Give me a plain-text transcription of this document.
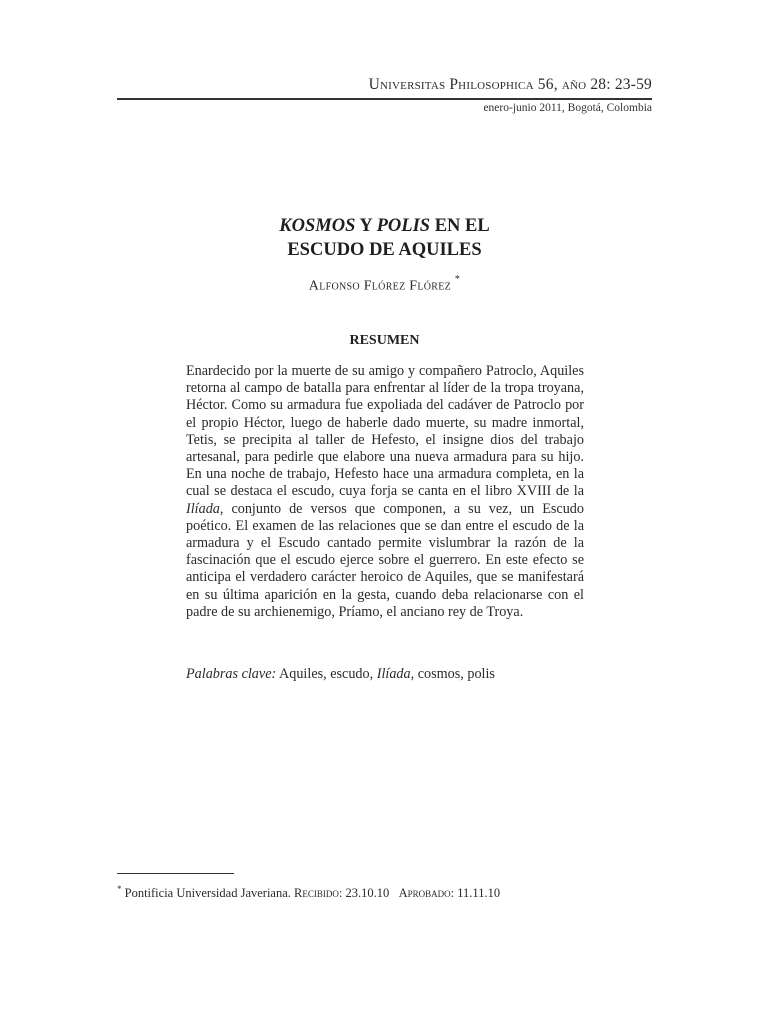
Universitas Philosophica 56, año 28: 23-59
enero-junio 2011, Bogotá, Colombia
KOSMOS Y POLIS EN EL
ESCUDO DE AQUILES
Alfonso Flórez Flórez *
RESUMEN

Enardecido por la muerte de su amigo y compañero Patroclo, Aquiles retorna al campo de batalla para enfrentar al líder de la tropa troyana, Héctor. Como su armadura fue expoliada del cadáver de Patroclo por el propio Héctor, luego de haberle dado muerte, su madre inmortal, Tetis, se precipita al taller de Hefesto, el insigne dios del trabajo artesanal, para pedirle que elabore una nueva armadura para su hijo. En una noche de trabajo, Hefesto hace una armadura completa, en la cual se destaca el escudo, cuya forja se canta en el libro XVIII de la Ilíada, conjunto de versos que componen, a su vez, un Escudo poético. El examen de las relaciones que se dan entre el escudo de la armadura y el Escudo cantado permite vislumbrar la razón de la fascinación que el escudo ejerce sobre el guerrero. En este efecto se anticipa el verdadero carácter heroico de Aquiles, que se manifestará en su última aparición en la gesta, cuando deba relacionarse con el padre de su archienemigo, Príamo, el anciano rey de Troya.

Palabras clave: Aquiles, escudo, Ilíada, cosmos, polis
* Pontificia Universidad Javeriana. Recibido: 23.10.10   Aprobado: 11.11.10
